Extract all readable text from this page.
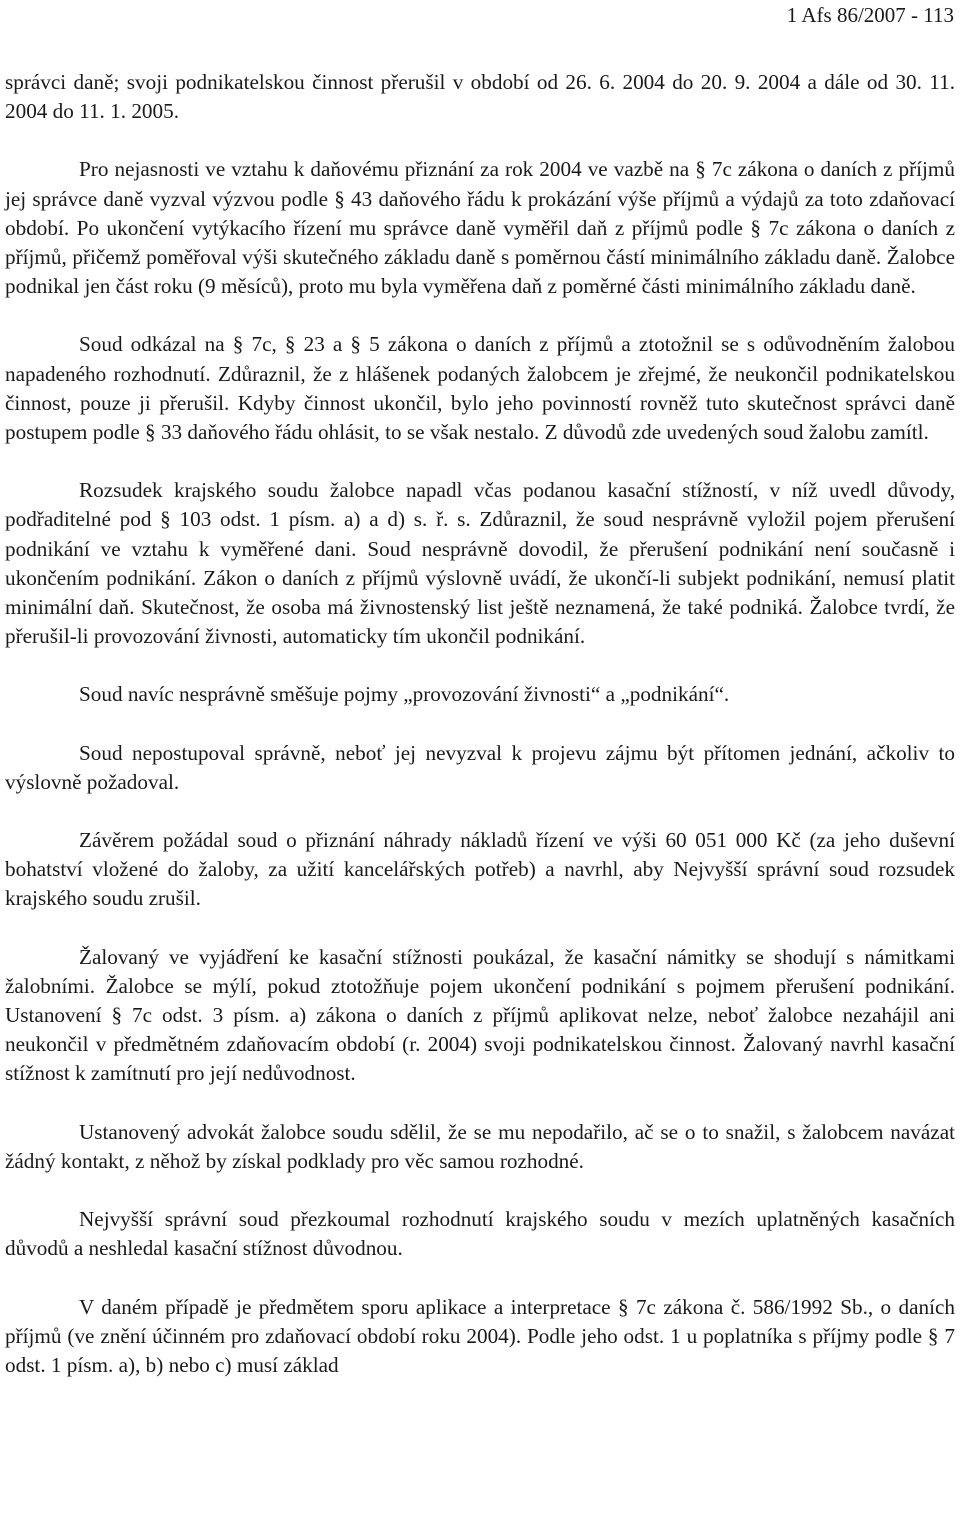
1 Afs 86/2007 - 113

správci daně; svoji podnikatelskou činnost přerušil v období od 26. 6. 2004 do 20. 9. 2004 a dále od 30. 11. 2004 do 11. 1. 2005.

Pro nejasnosti ve vztahu k daňovému přiznání za rok 2004 ve vazbě na § 7c zákona o daních z příjmů jej správce daně vyzval výzvou podle § 43 daňového řádu k prokázání výše příjmů a výdajů za toto zdaňovací období. Po ukončení vytýkacího řízení mu správce daně vyměřil daň z příjmů podle § 7c zákona o daních z příjmů, přičemž poměřoval výši skutečného základu daně s poměrnou částí minimálního základu daně. Žalobce podnikal jen část roku (9 měsíců), proto mu byla vyměřena daň z poměrné části minimálního základu daně.

Soud odkázal na § 7c, § 23 a § 5 zákona o daních z příjmů a ztotožnil se s odůvodněním žalobou napadeného rozhodnutí. Zdůraznil, že z hlášenek podaných žalobcem je zřejmé, že neukončil podnikatelskou činnost, pouze ji přerušil. Kdyby činnost ukončil, bylo jeho povinností rovněž tuto skutečnost správci daně postupem podle § 33 daňového řádu ohlásit, to se však nestalo. Z důvodů zde uvedených soud žalobu zamítl.

Rozsudek krajského soudu žalobce napadl včas podanou kasační stížností, v níž uvedl důvody, podřaditelné pod § 103 odst. 1 písm. a) a d) s. ř. s. Zdůraznil, že soud nesprávně vyložil pojem přerušení podnikání ve vztahu k vyměřené dani. Soud nesprávně dovodil, že přerušení podnikání není současně i ukončením podnikání. Zákon o daních z příjmů výslovně uvádí, že ukončí-li subjekt podnikání, nemusí platit minimální daň. Skutečnost, že osoba má živnostenský list ještě neznamená, že také podniká. Žalobce tvrdí, že přerušil-li provozování živnosti, automaticky tím ukončil podnikání.

Soud navíc nesprávně směšuje pojmy „provozování živnosti“ a „podnikání“.

Soud nepostupoval správně, neboť jej nevyzval k projevu zájmu být přítomen jednání, ačkoliv to výslovně požadoval.

Závěrem požádal soud o přiznání náhrady nákladů řízení ve výši 60 051 000 Kč (za jeho duševní bohatství vložené do žaloby, za užití kancelářských potřeb) a navrhl, aby Nejvyšší správní soud rozsudek krajského soudu zrušil.

Žalovaný ve vyjádření ke kasační stížnosti poukázal, že kasační námitky se shodují s námitkami žalobními. Žalobce se mýlí, pokud ztotožňuje pojem ukončení podnikání s pojmem přerušení podnikání. Ustanovení § 7c odst. 3 písm. a) zákona o daních z příjmů aplikovat nelze, neboť žalobce nezahájil ani neukončil v předmětném zdaňovacím období (r. 2004) svoji podnikatelskou činnost. Žalovaný navrhl kasační stížnost k zamítnutí pro její nedůvodnost.

Ustanovený advokát žalobce soudu sdělil, že se mu nepodařilo, ač se o to snažil, s žalobcem navázat žádný kontakt, z něhož by získal podklady pro věc samou rozhodné.

Nejvyšší správní soud přezkoumal rozhodnutí krajského soudu v mezích uplatněných kasačních důvodů a neshledal kasační stížnost důvodnou.

V daném případě je předmětem sporu aplikace a interpretace § 7c zákona č. 586/1992 Sb., o daních příjmů (ve znění účinném pro zdaňovací období roku 2004). Podle jeho odst. 1 u poplatníka s příjmy podle § 7 odst. 1 písm. a), b) nebo c) musí základ
